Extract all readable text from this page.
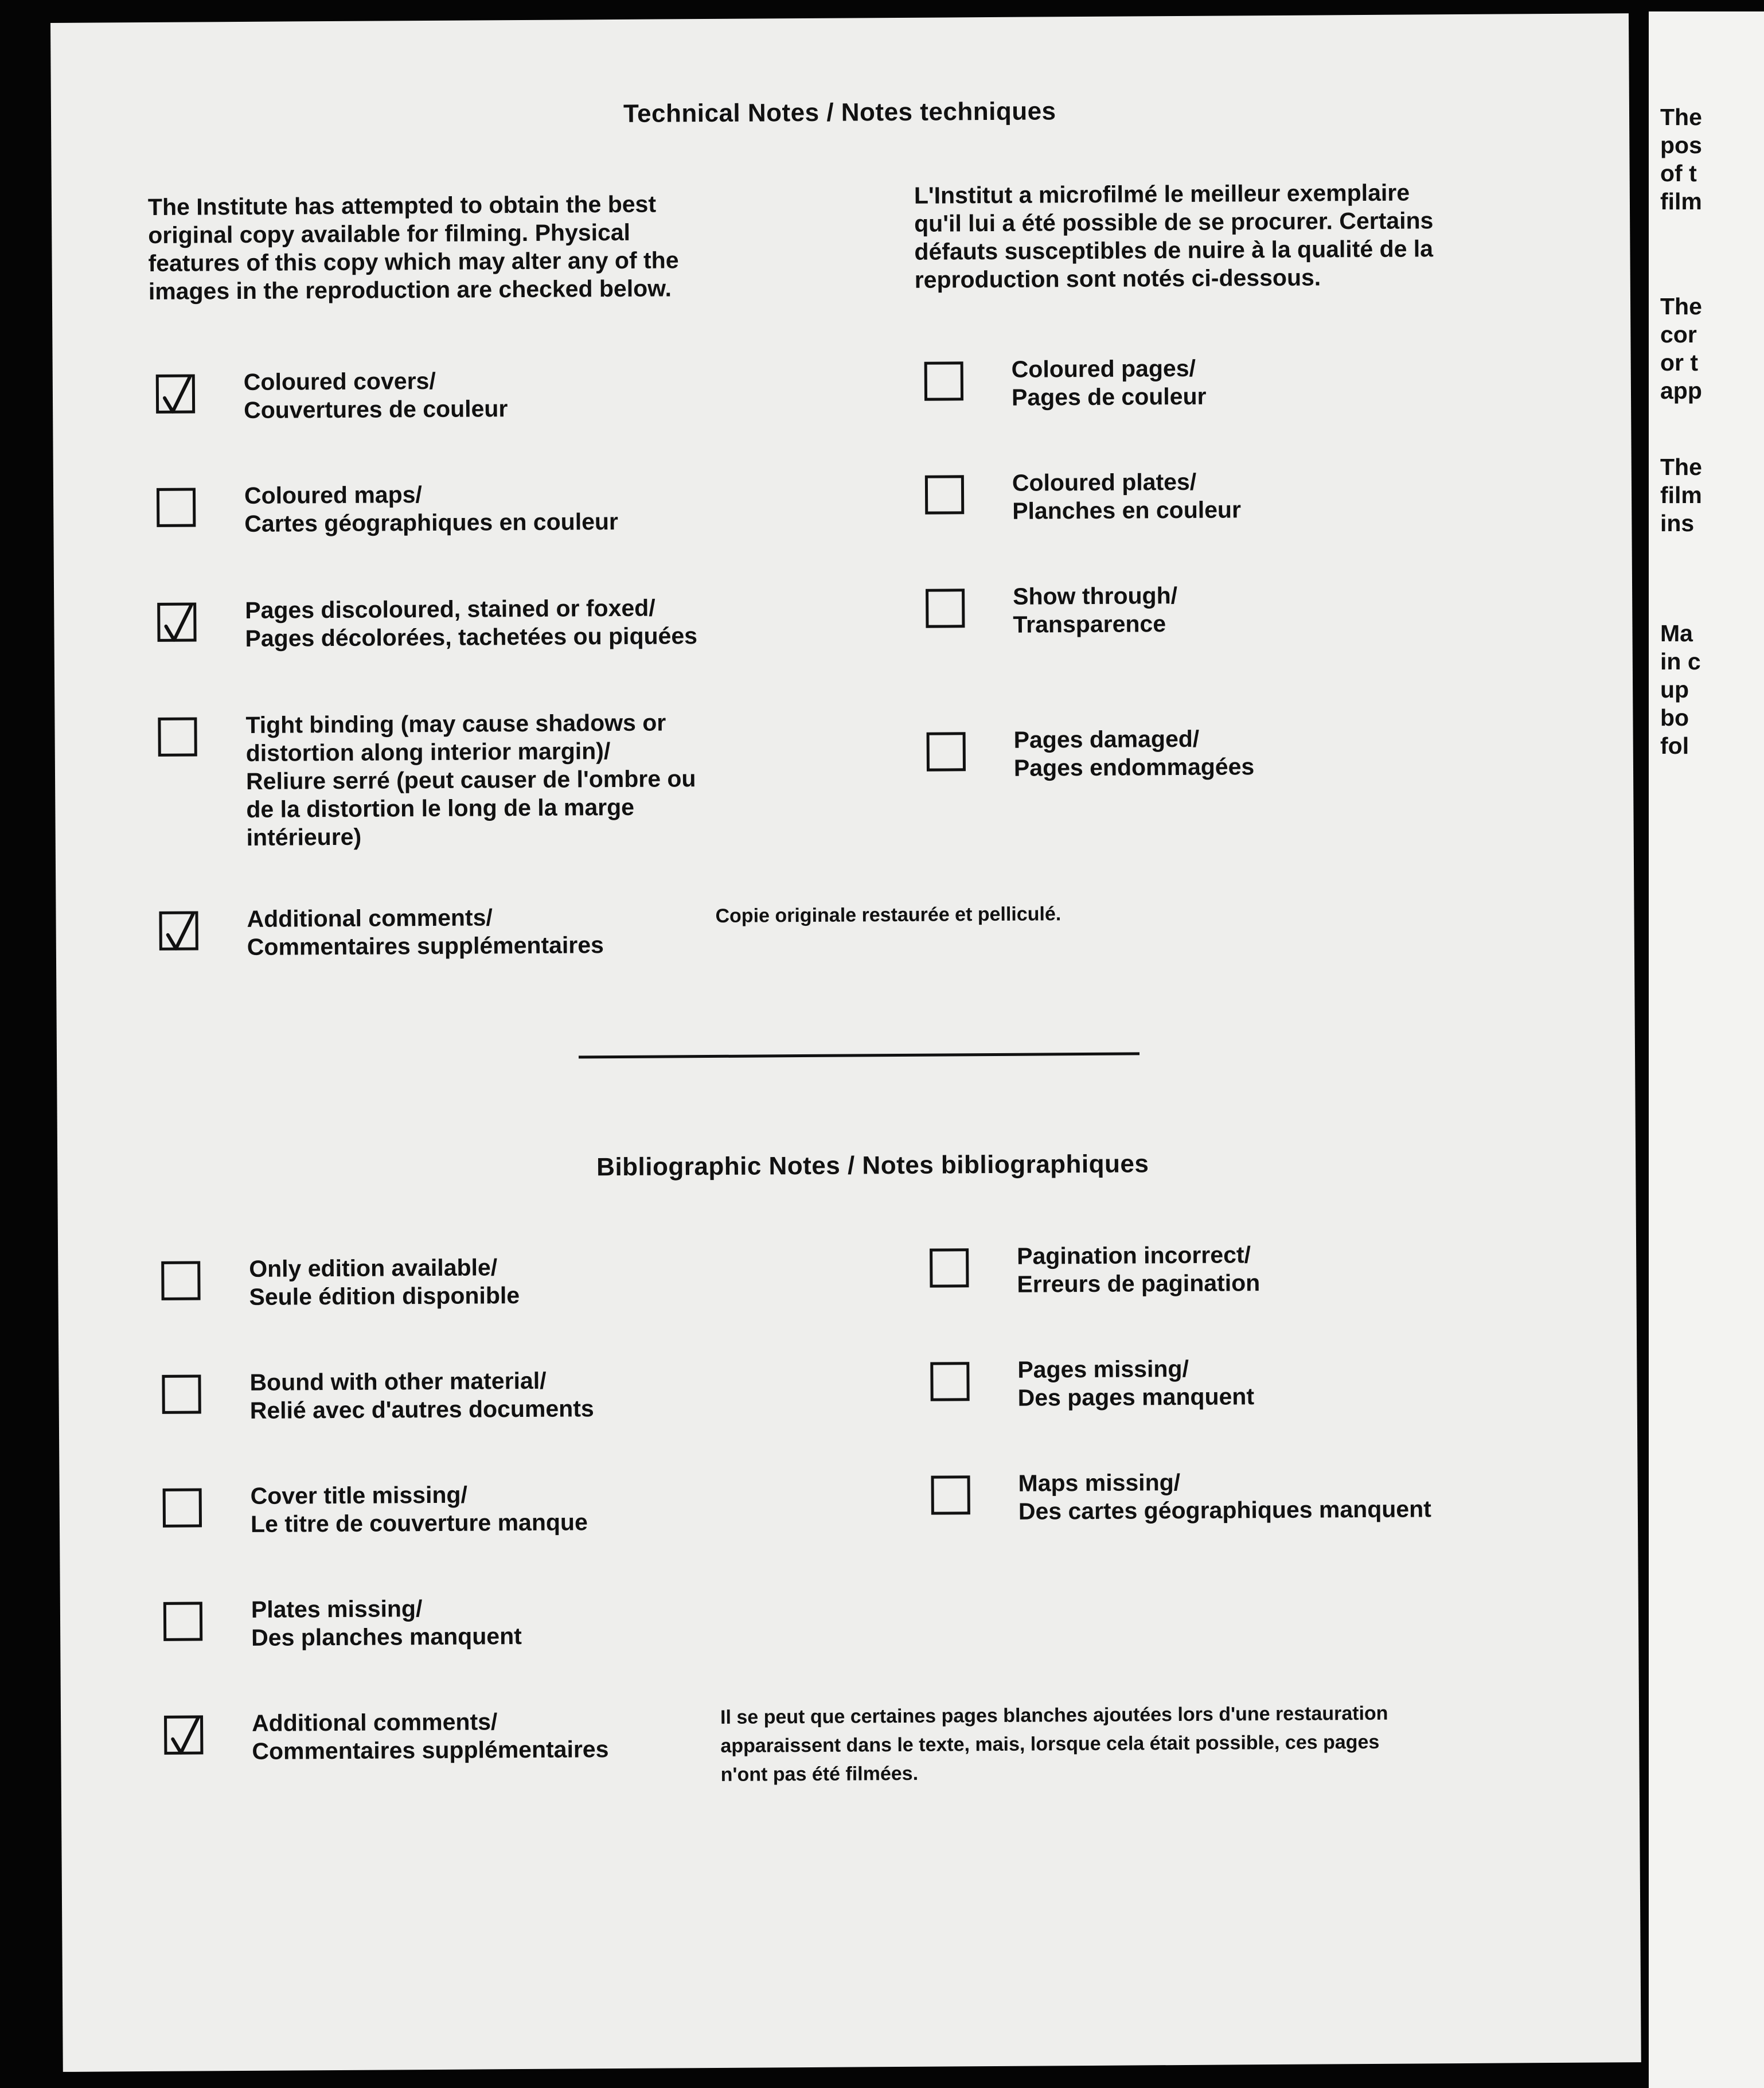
Technical Notes / Notes techniques
The Institute has attempted to obtain the best
original copy available for filming. Physical
features of this copy which may alter any of the
images in the reproduction are checked below.
L'Institut a microfilmé le meilleur exemplaire
qu'il lui a été possible de se procurer. Certains
défauts susceptibles de nuire à la qualité de la
reproduction sont notés ci-dessous.
Coloured covers/
Couvertures de couleur
Coloured maps/
Cartes géographiques en couleur
Pages discoloured, stained or foxed/
Pages décolorées, tachetées ou piquées
Tight binding (may cause shadows or
distortion along interior margin)/
Reliure serré (peut causer de l'ombre ou
de la distortion le long de la marge
intérieure)
Additional comments/
Commentaires supplémentaires
Coloured pages/
Pages de couleur
Coloured plates/
Planches en couleur
Show through/
Transparence
Pages damaged/
Pages endommagées
Copie originale restaurée et pelliculé.
Bibliographic Notes / Notes bibliographiques
Only edition available/
Seule édition disponible
Bound with other material/
Relié avec d'autres documents
Cover title missing/
Le titre de couverture manque
Plates missing/
Des planches manquent
Additional comments/
Commentaires supplémentaires
Pagination incorrect/
Erreurs de pagination
Pages missing/
Des pages manquent
Maps missing/
Des cartes géographiques manquent
Il se peut que certaines pages blanches ajoutées lors d'une restauration
apparaissent dans le texte, mais, lorsque cela était possible, ces pages
n'ont pas été filmées.
The
pos
of t
film
The
cor
or t
app
The
film
ins
Ma
in c
up
bo
fol
